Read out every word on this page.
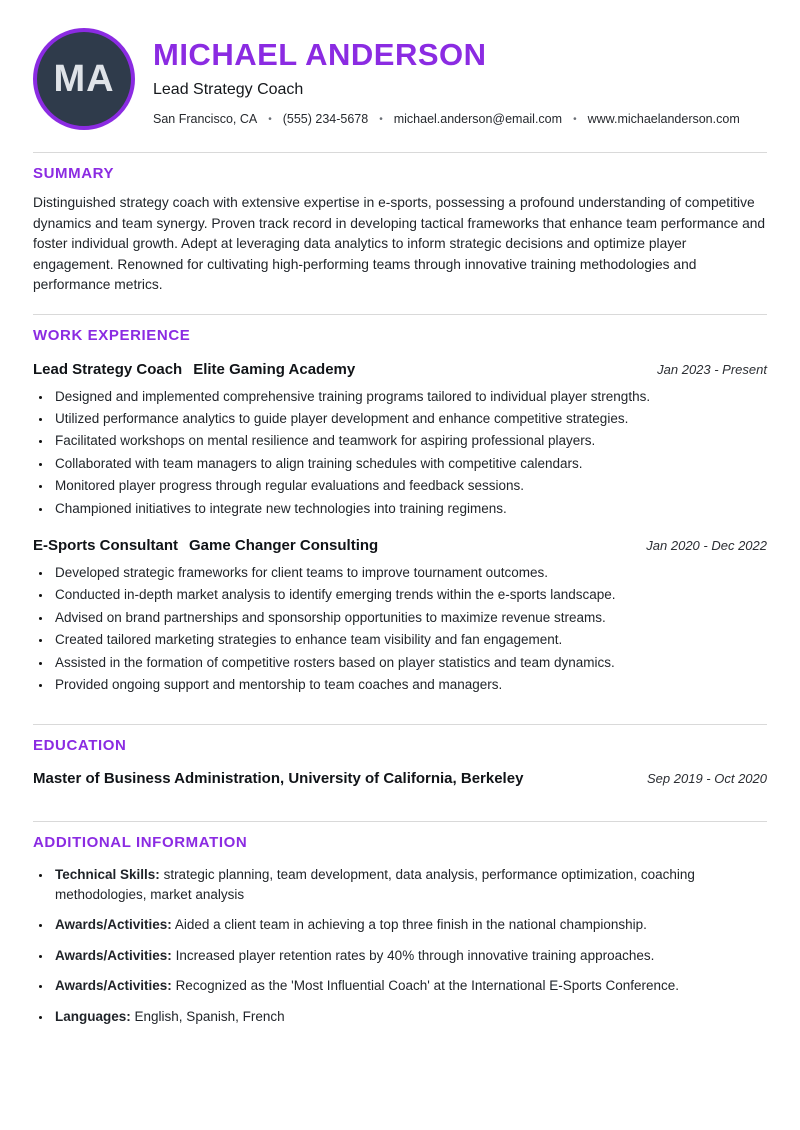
MA
MICHAEL ANDERSON
Lead Strategy Coach
San Francisco, CA • (555) 234-5678 • michael.anderson@email.com • www.michaelanderson.com
SUMMARY

Distinguished strategy coach with extensive expertise in e-sports, possessing a profound understanding of competitive dynamics and team synergy. Proven track record in developing tactical frameworks that enhance team performance and foster individual growth. Adept at leveraging data analytics to inform strategic decisions and optimize player engagement. Renowned for cultivating high-performing teams through innovative training methodologies and performance metrics.

WORK EXPERIENCE
Lead Strategy Coach Elite Gaming Academy	Jan 2023 - Present
• Designed and implemented comprehensive training programs tailored to individual player strengths.
• Utilized performance analytics to guide player development and enhance competitive strategies.
• Facilitated workshops on mental resilience and teamwork for aspiring professional players.
• Collaborated with team managers to align training schedules with competitive calendars.
• Monitored player progress through regular evaluations and feedback sessions.
• Championed initiatives to integrate new technologies into training regimens.
E-Sports Consultant Game Changer Consulting	Jan 2020 - Dec 2022
• Developed strategic frameworks for client teams to improve tournament outcomes.
• Conducted in-depth market analysis to identify emerging trends within the e-sports landscape.
• Advised on brand partnerships and sponsorship opportunities to maximize revenue streams.
• Created tailored marketing strategies to enhance team visibility and fan engagement.
• Assisted in the formation of competitive rosters based on player statistics and team dynamics.
• Provided ongoing support and mentorship to team coaches and managers.
EDUCATION
Master of Business Administration, University of California, Berkeley	Sep 2019 - Oct 2020
ADDITIONAL INFORMATION
• Technical Skills: strategic planning, team development, data analysis, performance optimization, coaching methodologies, market analysis
• Awards/Activities: Aided a client team in achieving a top three finish in the national championship.
• Awards/Activities: Increased player retention rates by 40% through innovative training approaches.
• Awards/Activities: Recognized as the 'Most Influential Coach' at the International E-Sports Conference.
• Languages: English, Spanish, French
